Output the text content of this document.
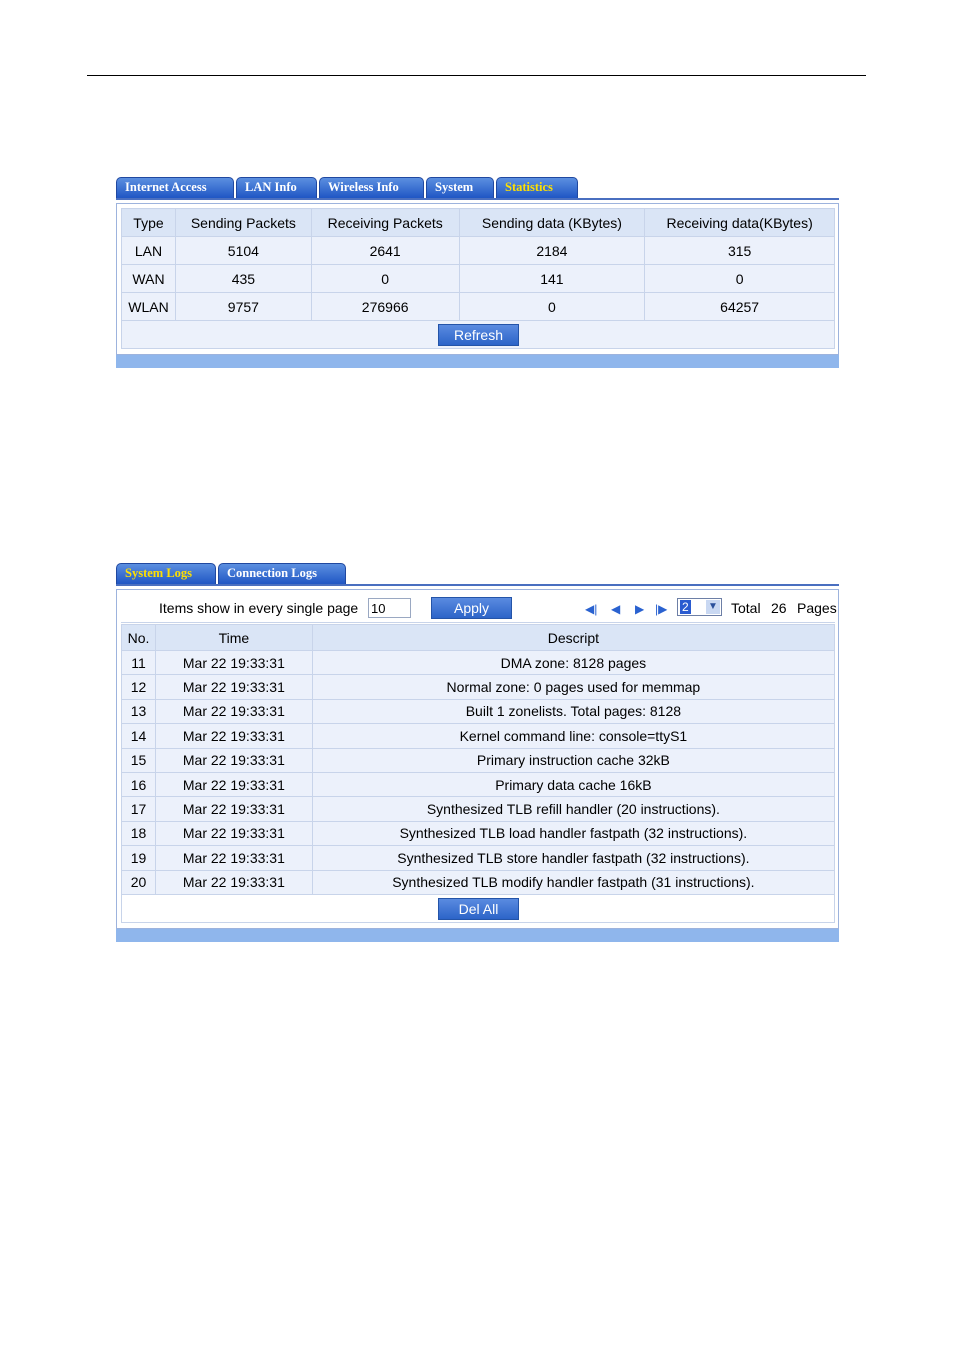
Internet Access	LAN Info	Wireless Info	System	Statistics
Type	Sending Packets	Receiving Packets	Sending data (KBytes)	Receiving data(KBytes)
LAN	5104	2641	2184	315
WAN	435	0	141	0
WLAN	9757	276966	0	64257

Refresh
System Logs	Connection Logs
Items show in every single page
10	Apply	◀| ◀ ▶ |▶ 2 ▼ Total 26 Pages
No.	Time	Descript
11	Mar 22 19:33:31	DMA zone: 8128 pages
12	Mar 22 19:33:31	Normal zone: 0 pages used for memmap
13	Mar 22 19:33:31	Built 1 zonelists. Total pages: 8128
14	Mar 22 19:33:31	Kernel command line: console=ttyS1
15	Mar 22 19:33:31	Primary instruction cache 32kB
16	Mar 22 19:33:31	Primary data cache 16kB
17	Mar 22 19:33:31	Synthesized TLB refill handler (20 instructions).
18	Mar 22 19:33:31	Synthesized TLB load handler fastpath (32 instructions).
19	Mar 22 19:33:31	Synthesized TLB store handler fastpath (32 instructions).
20	Mar 22 19:33:31	Synthesized TLB modify handler fastpath (31 instructions).

Del All
